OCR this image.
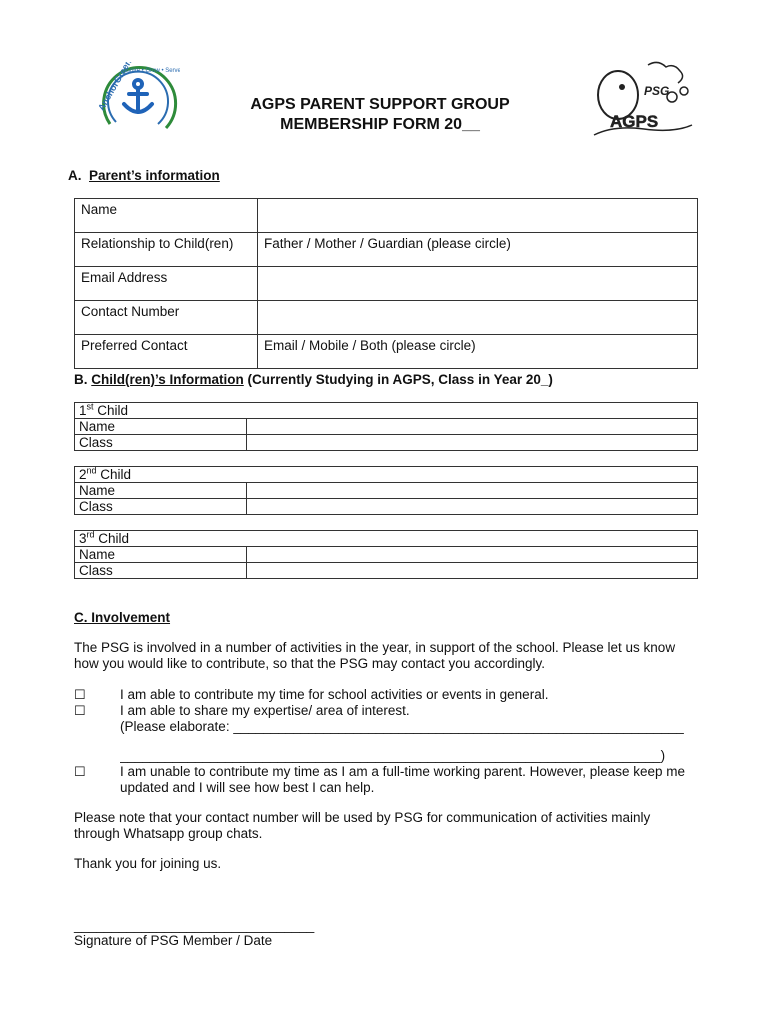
AnchorGreen
Aspire • Grow • Serve
AGPS PARENT SUPPORT GROUP
MEMBERSHIP FORM 20__
PSG
AGPS
A. Parent’s information
Name	
Relationship to Child(ren)	Father / Mother / Guardian (please circle)
Email Address	
Contact Number	
Preferred Contact	Email / Mobile / Both (please circle)
B. Child(ren)’s Information (Currently Studying in AGPS, Class in Year 20_)
1st Child	
Name	
Class	
2nd Child	
Name	
Class	
3rd Child	
Name	
Class	
C. Involvement
The PSG is involved in a number of activities in the year, in support of the school. Please let us know
how you would like to contribute, so that the PSG may contact you accordingly.
☐	I am able to contribute my time for school activities or events in general.
☐	I am able to share my expertise/ area of interest.
(Please elaborate: ____________________________________________________________
________________________________________________________________________)
☐	I am unable to contribute my time as I am a full-time working parent. However, please keep me
updated and I will see how best I can help.
Please note that your contact number will be used by PSG for communication of activities mainly
through Whatsapp group chats.
Thank you for joining us.
________________________________
Signature of PSG Member / Date
